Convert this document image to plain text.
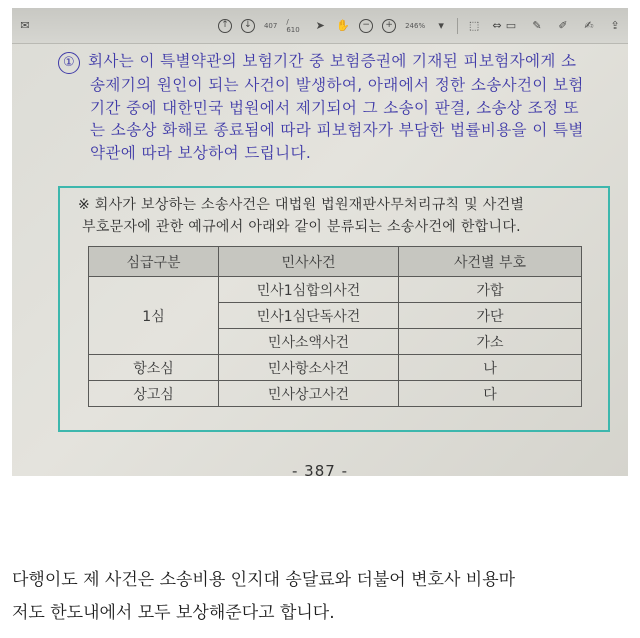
✉	↑	↓	407 / 610	➤ ✋	−	+	246%	▾	⬚ ⇔ ▭ ✎ ✐ ✍ ⇪
① 회사는 이 특별약관의 보험기간 중 보험증권에 기재된 피보험자에게 소
송제기의 원인이 되는 사건이 발생하여, 아래에서 정한 소송사건이 보험
기간 중에 대한민국 법원에서 제기되어 그 소송이 판결, 소송상 조정 또
는 소송상 화해로 종료됨에 따라 피보험자가 부담한 법률비용을 이 특별
약관에 따라 보상하여 드립니다.
※ 회사가 보상하는 소송사건은 대법원 법원재판사무처리규칙 및 사건별
부호문자에 관한 예규에서 아래와 같이 분류되는 소송사건에 한합니다.
심급구분	민사사건	사건별 부호
1심	민사1심합의사건	가합
	민사1심단독사건	가단
	민사소액사건	가소
항소심	민사항소사건	나
상고심	민사상고사건	다
- 387 -
다행이도 제 사건은 소송비용 인지대 송달료와 더불어 변호사 비용마
저도 한도내에서 모두 보상해준다고 합니다.
